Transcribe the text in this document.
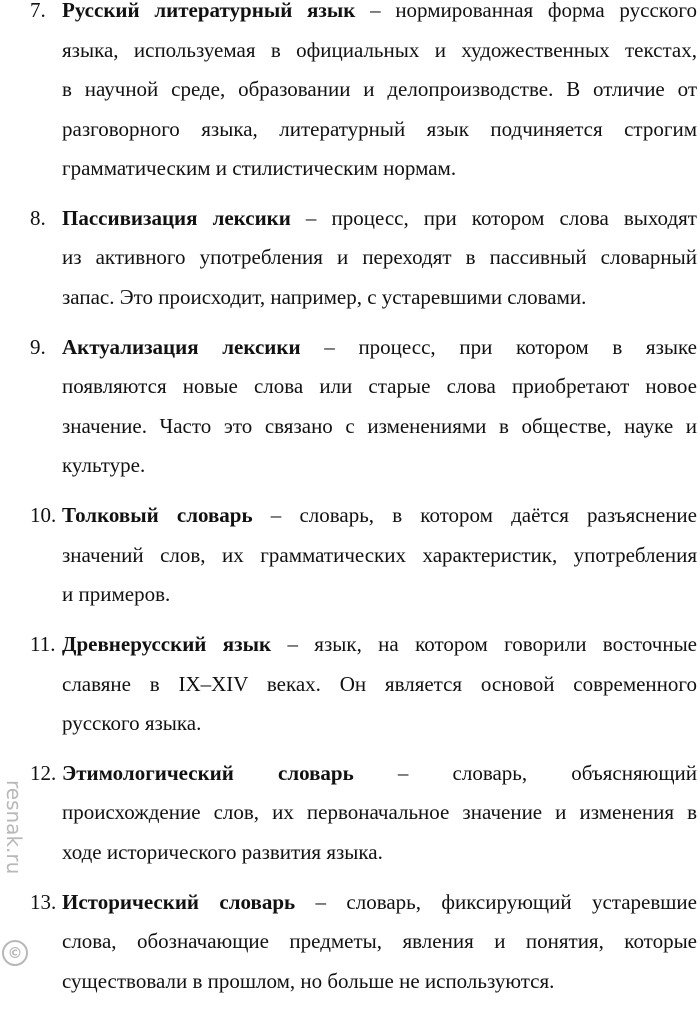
7. Русский литературный язык – нормированная форма русского
языка, используемая в официальных и художественных текстах,
в научной среде, образовании и делопроизводстве. В отличие от
разговорного языка, литературный язык подчиняется строгим
грамматическим и стилистическим нормам.
8. Пассивизация лексики – процесс, при котором слова выходят
из активного употребления и переходят в пассивный словарный
запас. Это происходит, например, с устаревшими словами.
9. Актуализация лексики – процесс, при котором в языке
появляются новые слова или старые слова приобретают новое
значение. Часто это связано с изменениями в обществе, науке и
культуре.
10. Толковый словарь – словарь, в котором даётся разъяснение
значений слов, их грамматических характеристик, употребления
и примеров.
11. Древнерусский язык – язык, на котором говорили восточные
славяне в IX–XIV веках. Он является основой современного
русского языка.
12. Этимологический словарь – словарь, объясняющий
происхождение слов, их первоначальное значение и изменения в
ходе исторического развития языка.
13. Исторический словарь – словарь, фиксирующий устаревшие
слова, обозначающие предметы, явления и понятия, которые
существовали в прошлом, но больше не используются.
resnak.ru
©
